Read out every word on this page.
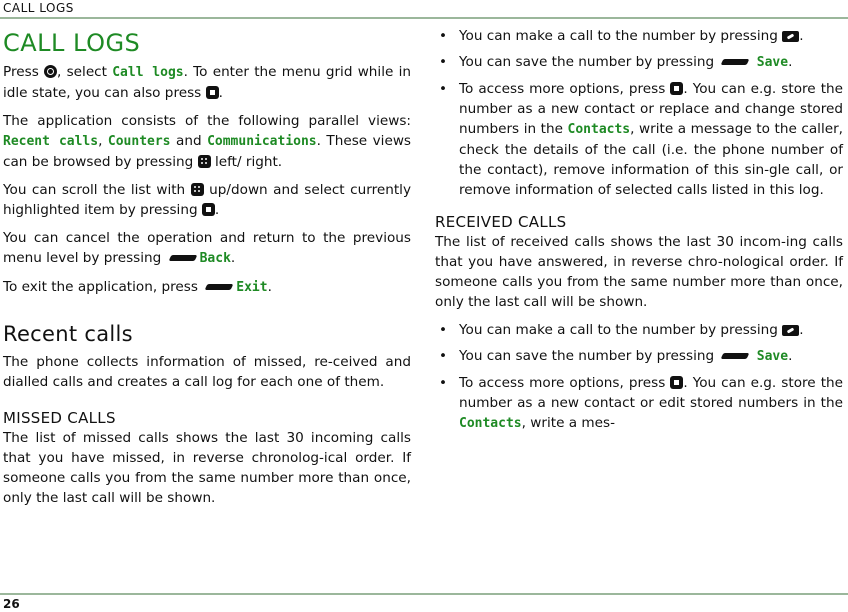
CALL LOGS
CALL LOGS

Press , select Call logs. To enter the menu grid while in idle state, you can also press .

The application consists of the following parallel views: Recent calls, Counters and Communications. These views can be browsed by pressing left/ right.

You can scroll the list with up/down and select currently highlighted item by pressing .

You can cancel the operation and return to the previous menu level by pressing	Back.

To exit the application, press	Exit.

Recent calls

The phone collects information of missed, re-ceived and dialled calls and creates a call log for each one of them.

MISSED CALLS

The list of missed calls shows the last 30 incoming calls that you have missed, in reverse chronolog-ical order. If someone calls you from the same number more than once, only the last call will be shown.

• You can make a call to the number by pressing .
• You can save the number by pressing	Save.
• To access more options, press . You can e.g. store the number as a new contact or replace and change stored numbers in the Contacts, write a message to the caller, check the details of the call (i.e. the phone number of the contact), remove information of this sin-gle call, or remove information of selected calls listed in this log.
RECEIVED CALLS

The list of received calls shows the last 30 incom-ing calls that you have answered, in reverse chro-nological order. If someone calls you from the same number more than once, only the last call will be shown.

• You can make a call to the number by pressing .
• You can save the number by pressing	Save.
• To access more options, press . You can e.g. store the number as a new contact or edit stored numbers in the Contacts, write a mes-
26
